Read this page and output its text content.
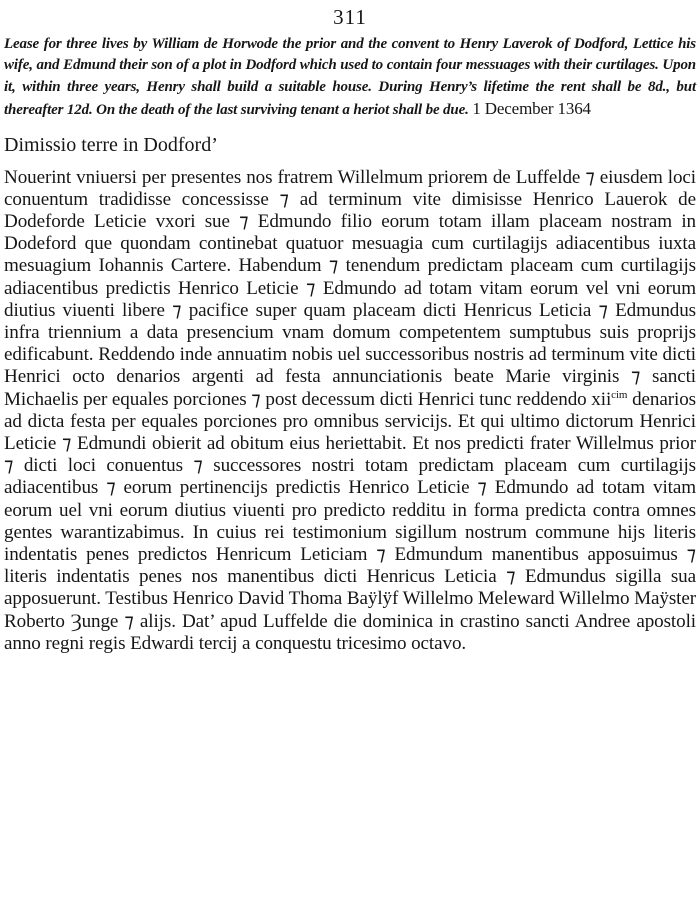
311

Lease for three lives by William de Horwode the prior and the convent to Henry Laverok of Dodford, Lettice his wife, and Edmund their son of a plot in Dodford which used to contain four messuages with their curtilages. Upon it, within three years, Henry shall build a suitable house. During Henry’s lifetime the rent shall be 8d., but thereafter 12d. On the death of the last surviving tenant a heriot shall be due. 1 December 1364

Dimissio terre in Dodford’

Nouerint vniuersi per presentes nos fratrem Willelmum priorem de Luffelde ⁊ eiusdem loci conuentum tradidisse concessisse ⁊ ad terminum vite dimisisse Henrico Lauerok de Dodeforde Leticie vxori sue ⁊ Edmundo filio eorum totam illam placeam nostram in Dodeford que quondam continebat quatuor mesuagia cum curtilagijs adiacentibus iuxta mesuagium Iohannis Cartere. Habendum ⁊ tenendum predictam placeam cum curtilagijs adiacentibus predictis Henrico Leticie ⁊ Edmundo ad totam vitam eorum vel vni eorum diutius viuenti libere ⁊ pacifice super quam placeam dicti Henricus Leticia ⁊ Edmundus infra triennium a data presencium vnam domum competentem sumptubus suis proprijs edificabunt. Reddendo inde annuatim nobis uel successoribus nostris ad terminum vite dicti Henrici octo denarios argenti ad festa annunciationis beate Marie virginis ⁊ sancti Michaelis per equales porciones ⁊ post decessum dicti Henrici tunc reddendo xii$^{cim}$ denarios ad dicta festa per equales porciones pro omnibus servicijs. Et qui ultimo dictorum Henrici Leticie ⁊ Edmundi obierit ad obitum eius heriettabit. Et nos predicti frater Willelmus prior ⁊ dicti loci conuentus ⁊ successores nostri totam predictam placeam cum curtilagijs adiacentibus ⁊ eorum pertinencijs predictis Henrico Leticie ⁊ Edmundo ad totam vitam eorum uel vni eorum diutius viuenti pro predicto redditu in forma predicta contra omnes gentes warantizabimus. In cuius rei testimonium sigillum nostrum commune hijs literis indentatis penes predictos Henricum Leticiam ⁊ Edmundum manentibus apposuimus ⁊ literis indentatis penes nos manentibus dicti Henricus Leticia ⁊ Edmundus sigilla sua apposuerunt. Testibus Henrico David Thoma Baÿlÿf Willelmo Meleward Willelmo Maÿster Roberto Ȝunge ⁊ alijs. Dat’ apud Luffelde die dominica in crastino sancti Andree apostoli anno regni regis Edwardi tercij a conquestu tricesimo octavo.
